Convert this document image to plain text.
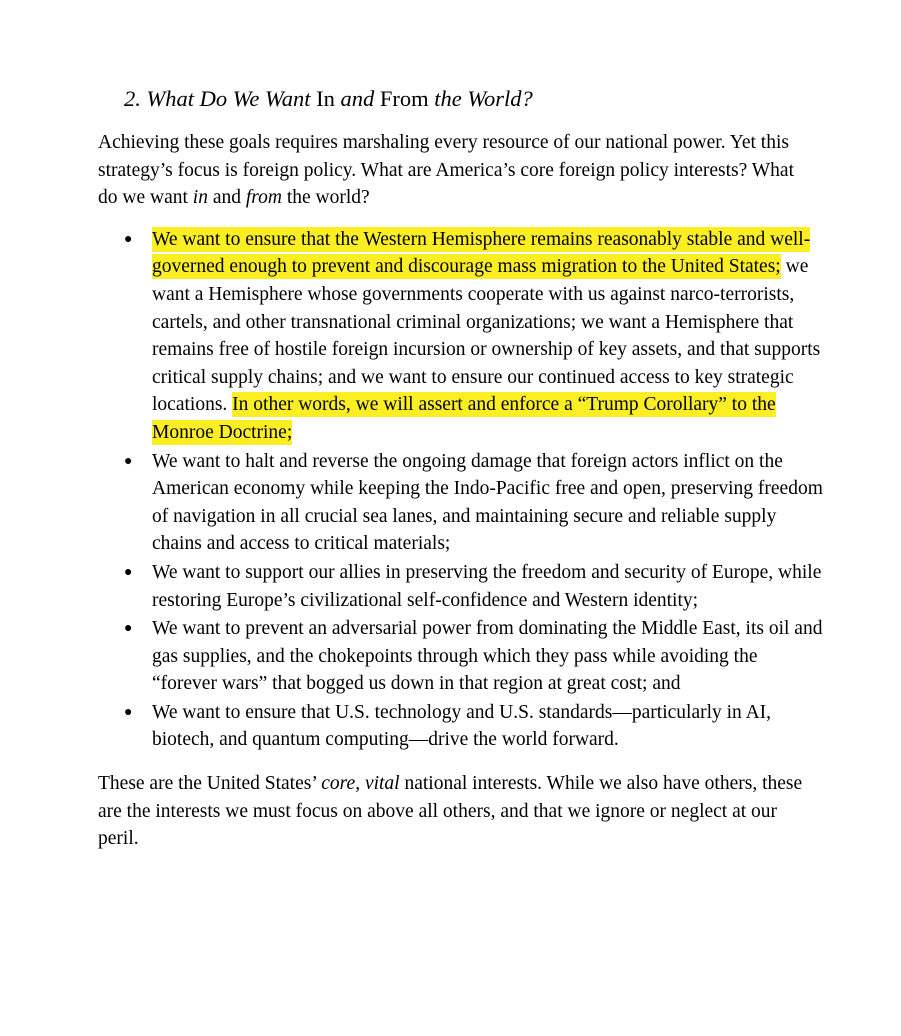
2. What Do We Want In and From the World?

Achieving these goals requires marshaling every resource of our national power. Yet this strategy’s focus is foreign policy. What are America’s core foreign policy interests? What do we want in and from the world?

● We want to ensure that the Western Hemisphere remains reasonably stable and well-governed enough to prevent and discourage mass migration to the United States; we want a Hemisphere whose governments cooperate with us against narco-terrorists, cartels, and other transnational criminal organizations; we want a Hemisphere that remains free of hostile foreign incursion or ownership of key assets, and that supports critical supply chains; and we want to ensure our continued access to key strategic locations. In other words, we will assert and enforce a “Trump Corollary” to the Monroe Doctrine;
● We want to halt and reverse the ongoing damage that foreign actors inflict on the American economy while keeping the Indo-Pacific free and open, preserving freedom of navigation in all crucial sea lanes, and maintaining secure and reliable supply chains and access to critical materials;
● We want to support our allies in preserving the freedom and security of Europe, while restoring Europe’s civilizational self-confidence and Western identity;
● We want to prevent an adversarial power from dominating the Middle East, its oil and gas supplies, and the chokepoints through which they pass while avoiding the “forever wars” that bogged us down in that region at great cost; and
● We want to ensure that U.S. technology and U.S. standards—particularly in AI, biotech, and quantum computing—drive the world forward.

These are the United States’ core, vital national interests. While we also have others, these are the interests we must focus on above all others, and that we ignore or neglect at our peril.
